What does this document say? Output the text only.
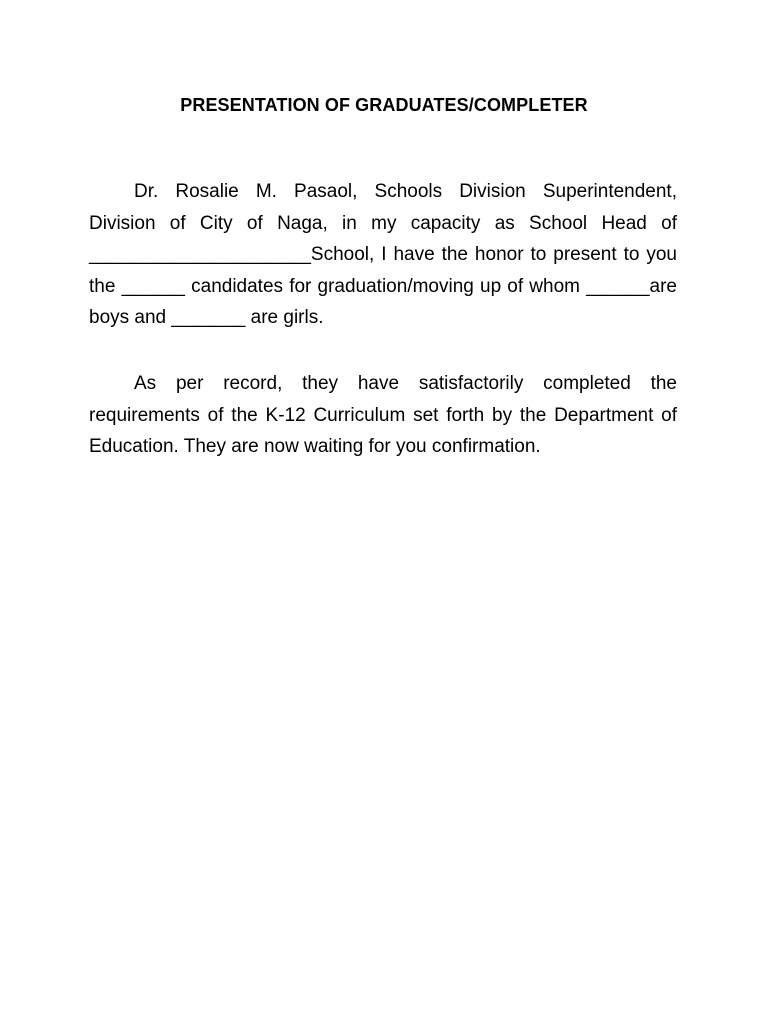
PRESENTATION OF GRADUATES/COMPLETER

Dr. Rosalie M. Pasaol, Schools Division Superintendent, Division of City of Naga, in my capacity as School Head of _____________________School, I have the honor to present to you the ______ candidates for graduation/moving up of whom ______are boys and _______ are girls.

As per record, they have satisfactorily completed the requirements of the K-12 Curriculum set forth by the Department of Education. They are now waiting for you confirmation.
